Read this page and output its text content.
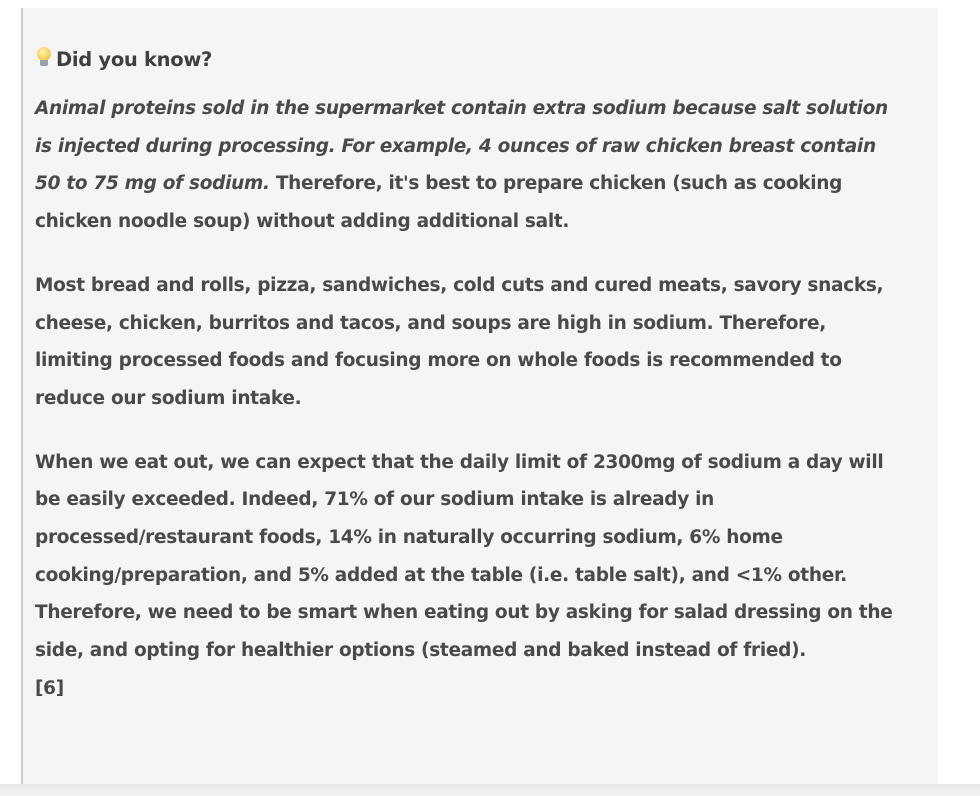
Did you know?

Animal proteins sold in the supermarket contain extra sodium because salt solution is injected during processing. For example, 4 ounces of raw chicken breast contain 50 to 75 mg of sodium. Therefore, it's best to prepare chicken (such as cooking chicken noodle soup) without adding additional salt.

Most bread and rolls, pizza, sandwiches, cold cuts and cured meats, savory snacks, cheese, chicken, burritos and tacos, and soups are high in sodium. Therefore, limiting processed foods and focusing more on whole foods is recommended to reduce our sodium intake.

When we eat out, we can expect that the daily limit of 2300mg of sodium a day will be easily exceeded. Indeed, 71% of our sodium intake is already in processed/restaurant foods, 14% in naturally occurring sodium, 6% home cooking/preparation, and 5% added at the table (i.e. table salt), and <1% other. Therefore, we need to be smart when eating out by asking for salad dressing on the side, and opting for healthier options (steamed and baked instead of fried).
[6]
